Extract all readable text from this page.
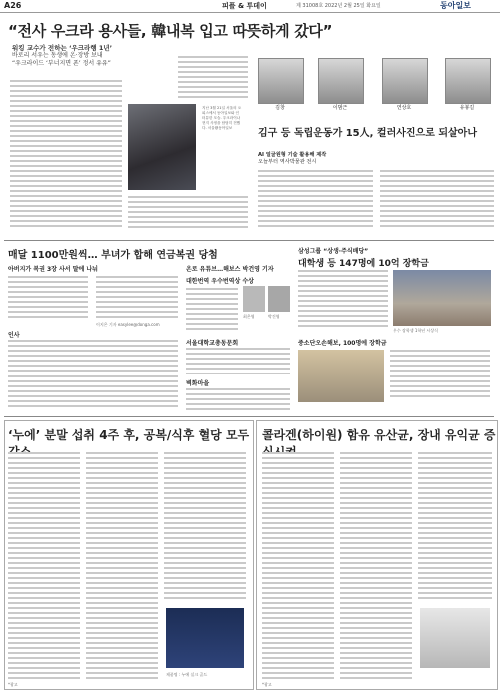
A26	피플 & 투데이	제 31008호 2022년 2월 25일 화요일	동아일보
“전사 우크라 용사들, 韓내복 입고 따뜻하게 갔다”
워킹 교수가 전하는 ‘우크라행 1년’
바로리 서우는 동생에 온·장방 보내
“우크라이드 ‘부너지면 폰’ 정서 유유”
지난 3월 21일 서울의 오피스에서 동아일보와 인터뷰한 모습. 우크라이나 현지 사정을 담담히 전했다. 서울@동아일보
김창	이범근	연상호	유봉길
김구 등 독립운동가 15人, 컬러사진으로 되살아나
AI 얼굴원형 기술 활용해 제작
오늘부터 역사박물관 전시
매달 1100만원씩… 부녀가 합해 연금복권 당첨
아버지가 복권 3장 사서 딸에 나눠
이지은 기자 easylee@donga.com
인사
온로 유튜브…해보스 박건영 기자
대한번역 우수번역상 수상
최은영	박건영
서울대학교총동문회
벽화마을
삼성그룹 “상생·주식배당”
대학생 등 147명에 10억 장학금
우수 장학생 1학년 시상식
중소단오손해보, 100명에 장학금
‘누에’ 분말 섭취 4주 후, 공복/식후 혈당 모두
제품명 : 누에 실크 골드
*광고
콜라겐(하이원) 함유 유산균, 장내 유익균 증
*광고
